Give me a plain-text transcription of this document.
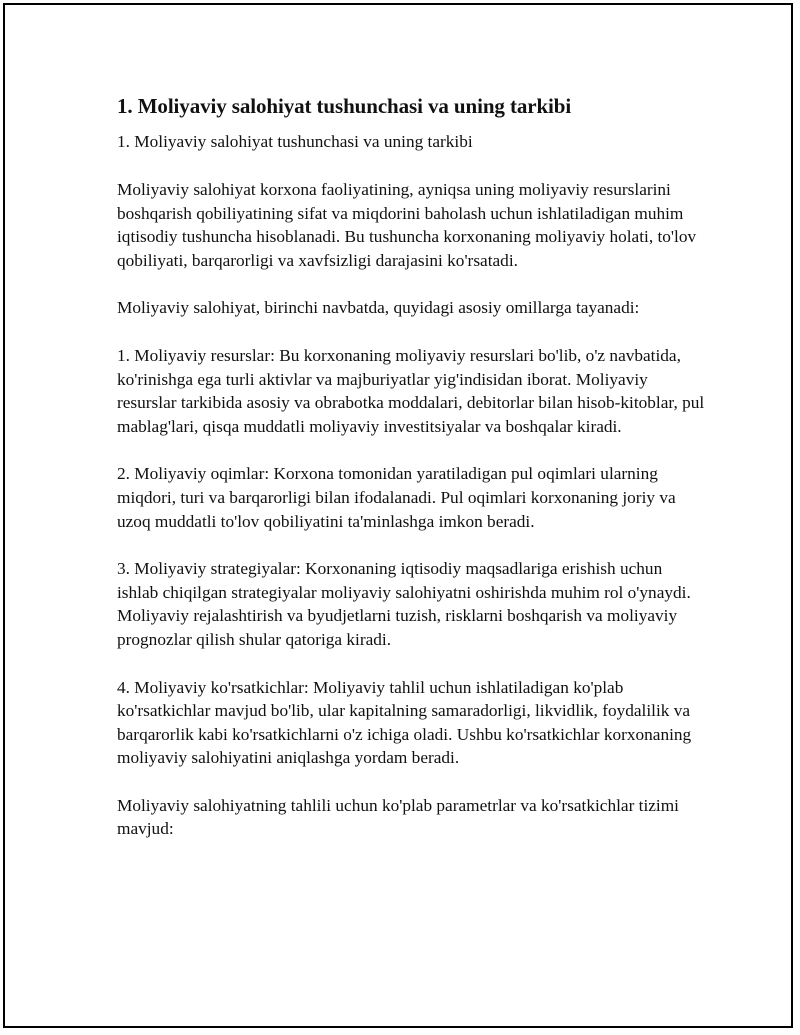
1. Moliyaviy salohiyat tushunchasi va uning tarkibi
1. Moliyaviy salohiyat tushunchasi va uning tarkibi

Moliyaviy salohiyat korxona faoliyatining, ayniqsa uning moliyaviy resurslarini boshqarish qobiliyatining sifat va miqdorini baholash uchun ishlatiladigan muhim iqtisodiy tushuncha hisoblanadi. Bu tushuncha korxonaning moliyaviy holati, to'lov qobiliyati, barqarorligi va xavfsizligi darajasini ko'rsatadi.

Moliyaviy salohiyat, birinchi navbatda, quyidagi asosiy omillarga tayanadi:

1. Moliyaviy resurslar: Bu korxonaning moliyaviy resurslari bo'lib, o'z navbatida, ko'rinishga ega turli aktivlar va majburiyatlar yig'indisidan iborat. Moliyaviy resurslar tarkibida asosiy va obrabotka moddalari, debitorlar bilan hisob-kitoblar, pul mablag'lari, qisqa muddatli moliyaviy investitsiyalar va boshqalar kiradi.

2. Moliyaviy oqimlar: Korxona tomonidan yaratiladigan pul oqimlari ularning miqdori, turi va barqarorligi bilan ifodalanadi. Pul oqimlari korxonaning joriy va uzoq muddatli to'lov qobiliyatini ta'minlashga imkon beradi.

3. Moliyaviy strategiyalar: Korxonaning iqtisodiy maqsadlariga erishish uchun ishlab chiqilgan strategiyalar moliyaviy salohiyatni oshirishda muhim rol o'ynaydi. Moliyaviy rejalashtirish va byudjetlarni tuzish, risklarni boshqarish va moliyaviy prognozlar qilish shular qatoriga kiradi.

4. Moliyaviy ko'rsatkichlar: Moliyaviy tahlil uchun ishlatiladigan ko'plab ko'rsatkichlar mavjud bo'lib, ular kapitalning samaradorligi, likvidlik, foydalilik va barqarorlik kabi ko'rsatkichlarni o'z ichiga oladi. Ushbu ko'rsatkichlar korxonaning moliyaviy salohiyatini aniqlashga yordam beradi.

Moliyaviy salohiyatning tahlili uchun ko'plab parametrlar va ko'rsatkichlar tizimi mavjud:
